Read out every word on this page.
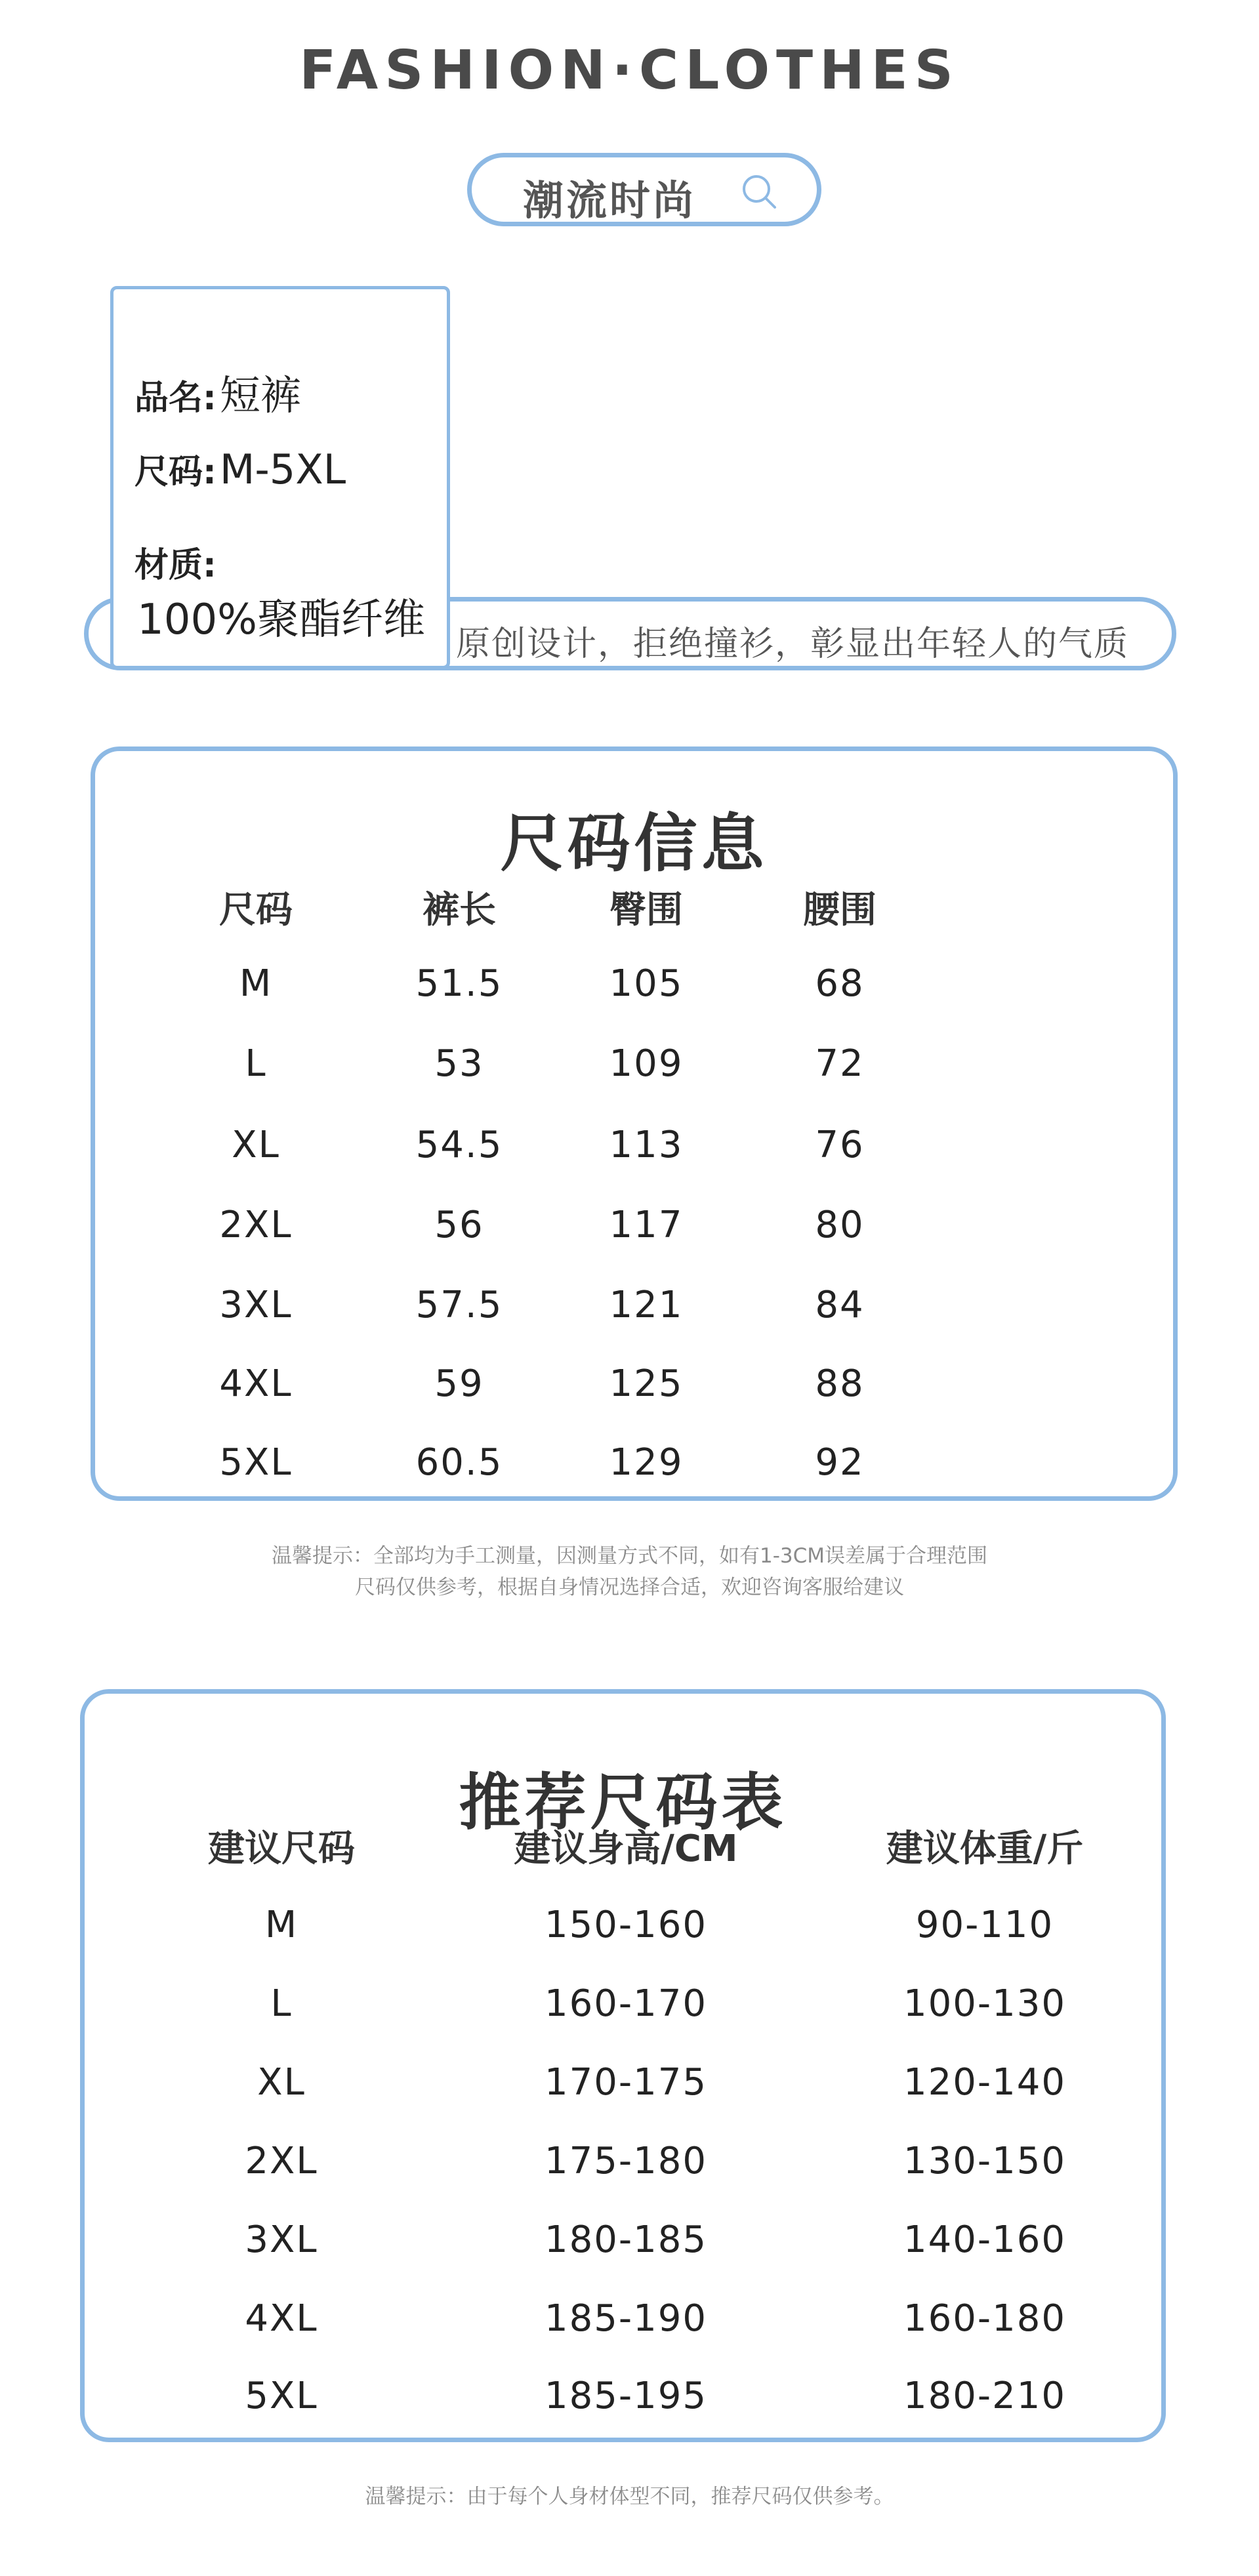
FASHION·CLOTHES
潮流时尚
原创设计，拒绝撞衫，彰显出年轻人的气质
品名: 短裤
尺码: M-5XL
材质:
100%聚酯纤维
尺码信息
尺码	裤长	臀围	腰围
M	51.5	105	68
L	53	109	72
XL	54.5	113	76
2XL	56	117	80
3XL	57.5	121	84
4XL	59	125	88
5XL	60.5	129	92
温馨提示：全部均为手工测量，因测量方式不同，如有1-3CM误差属于合理范围
尺码仅供参考，根据自身情况选择合适，欢迎咨询客服给建议
推荐尺码表
建议尺码	建议身高/CM	建议体重/斤
M	150-160	90-110
L	160-170	100-130
XL	170-175	120-140
2XL	175-180	130-150
3XL	180-185	140-160
4XL	185-190	160-180
5XL	185-195	180-210
温馨提示：由于每个人身材体型不同，推荐尺码仅供参考。
